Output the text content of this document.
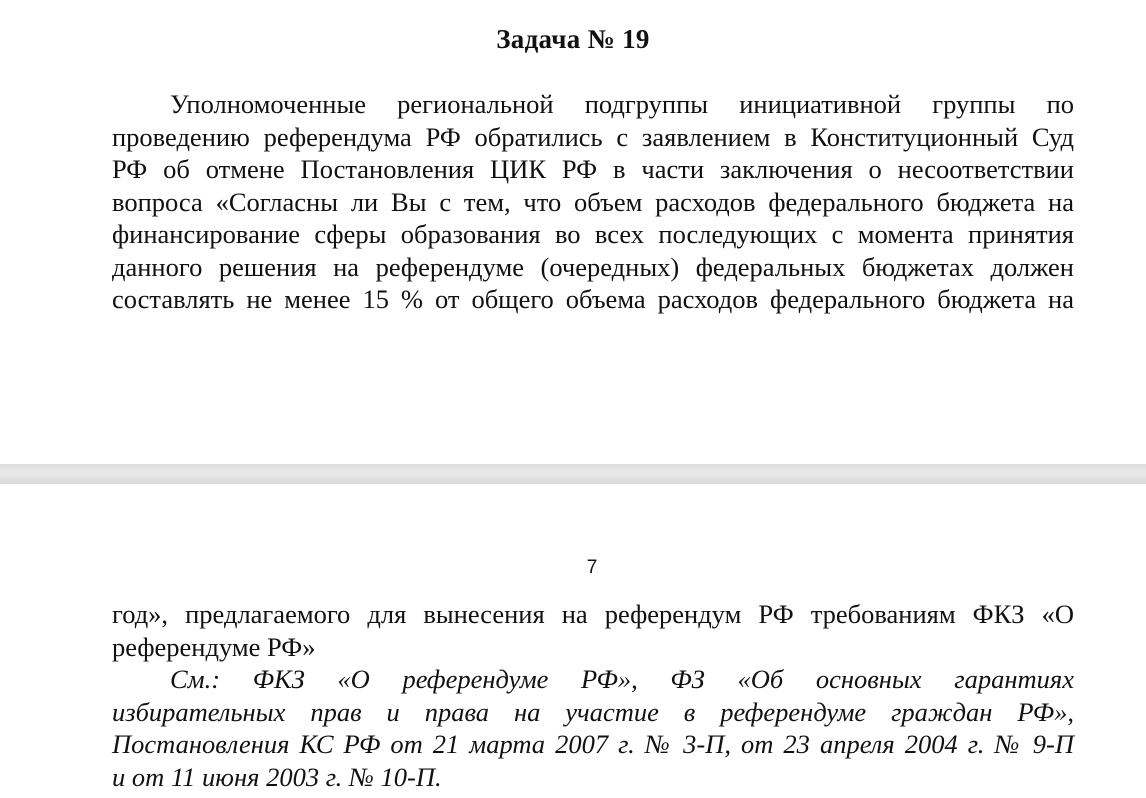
Задача № 19
Уполномоченные региональной подгруппы инициативной группы по
проведению референдума РФ обратились с заявлением в Конституционный Суд
РФ об отмене Постановления ЦИК РФ в части заключения о несоответствии
вопроса «Согласны ли Вы с тем, что объем расходов федерального бюджета на
финансирование сферы образования во всех последующих с момента принятия
данного решения на референдуме (очередных) федеральных бюджетах должен
составлять не менее 15 % от общего объема расходов федерального бюджета на
7
год», предлагаемого для вынесения на референдум РФ требованиям ФКЗ «О
референдуме РФ»
См.: ФКЗ «О референдуме РФ», ФЗ «Об основных гарантиях
избирательных прав и права на участие в референдуме граждан РФ»,
Постановления КС РФ от 21 марта 2007 г. № 3-П, от 23 апреля 2004 г. № 9-П
и от 11 июня 2003 г. № 10-П.
